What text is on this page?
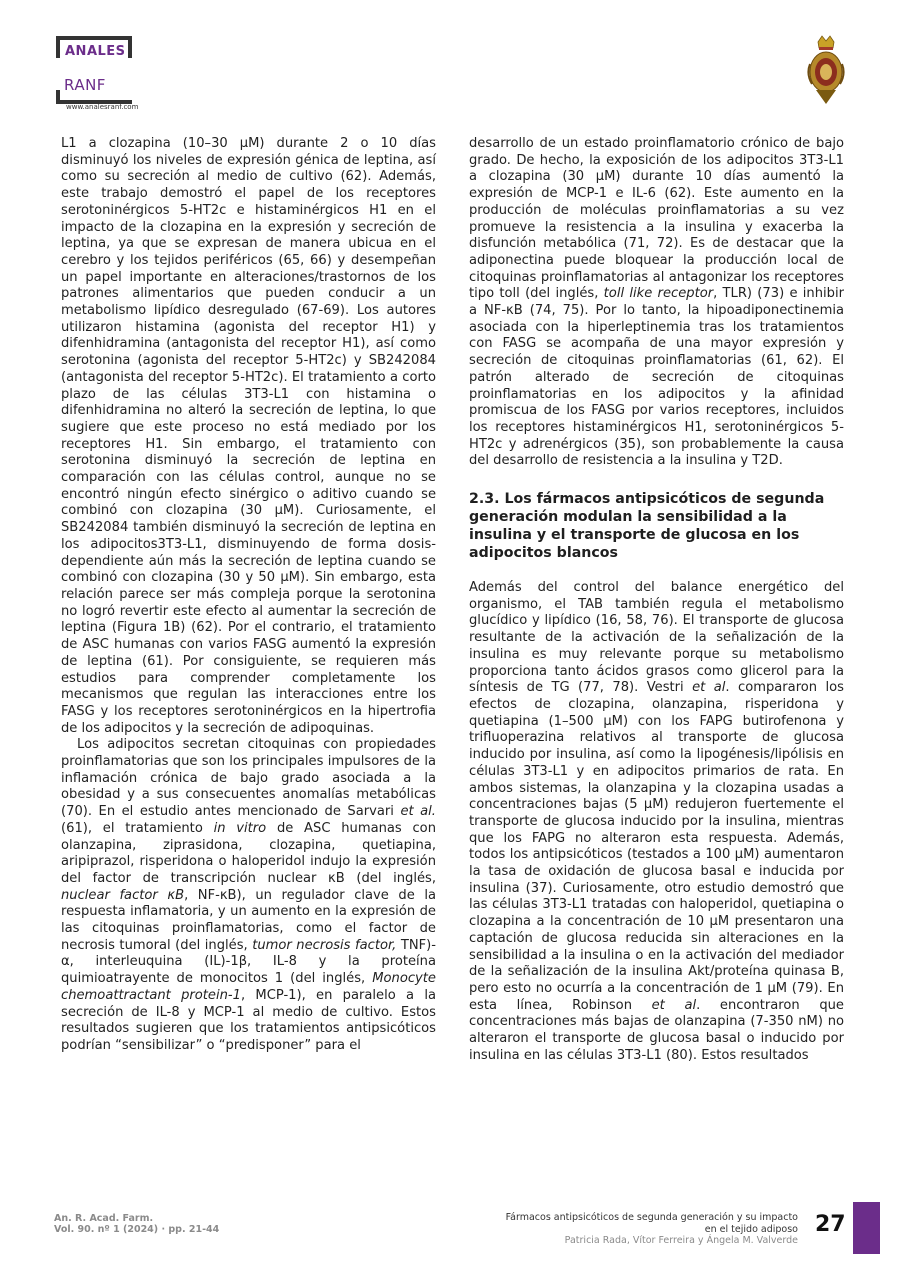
ANALES
RANF
www.analesranf.com

L1 a clozapina (10–30 µM) durante 2 o 10 días disminuyó los niveles de expresión génica de leptina, así como su secreción al medio de cultivo (62). Además, este trabajo demostró el papel de los receptores serotoninérgicos 5-HT2c e histaminérgicos H1 en el impacto de la clozapina en la expresión y secreción de leptina, ya que se expresan de manera ubicua en el cerebro y los tejidos periféricos (65, 66) y desempeñan un papel importante en alteraciones/trastornos de los patrones alimentarios que pueden conducir a un metabolismo lipídico desregulado (67-69). Los autores utilizaron histamina (agonista del receptor H1) y difenhidramina (antagonista del receptor H1), así como serotonina (agonista del receptor 5-HT2c) y SB242084 (antagonista del receptor 5-HT2c). El tratamiento a corto plazo de las células 3T3-L1 con histamina o difenhidramina no alteró la secreción de leptina, lo que sugiere que este proceso no está mediado por los receptores H1. Sin embargo, el tratamiento con serotonina disminuyó la secreción de leptina en comparación con las células control, aunque no se encontró ningún efecto sinérgico o aditivo cuando se combinó con clozapina (30 µM). Curiosamente, el SB242084 también disminuyó la secreción de leptina en los adipocitos3T3-L1, disminuyendo de forma dosis-dependiente aún más la secreción de leptina cuando se combinó con clozapina (30 y 50 µM). Sin embargo, esta relación parece ser más compleja porque la serotonina no logró revertir este efecto al aumentar la secreción de leptina (Figura 1B) (62). Por el contrario, el tratamiento de ASC humanas con varios FASG aumentó la expresión de leptina (61). Por consiguiente, se requieren más estudios para comprender completamente los mecanismos que regulan las interacciones entre los FASG y los receptores serotoninérgicos en la hipertrofia de los adipocitos y la secreción de adipoquinas.

Los adipocitos secretan citoquinas con propiedades proinflamatorias que son los principales impulsores de la inflamación crónica de bajo grado asociada a la obesidad y a sus consecuentes anomalías metabólicas (70). En el estudio antes mencionado de Sarvari et al. (61), el tratamiento in vitro de ASC humanas con olanzapina, ziprasidona, clozapina, quetiapina, aripiprazol, risperidona o haloperidol indujo la expresión del factor de transcripción nuclear κB (del inglés, nuclear factor κB, NF-κB), un regulador clave de la respuesta inflamatoria, y un aumento en la expresión de las citoquinas proinflamatorias, como el factor de necrosis tumoral (del inglés, tumor necrosis factor, TNF)-α, interleuquina (IL)-1β, IL-8 y la proteína quimioatrayente de monocitos 1 (del inglés, Monocyte chemoattractant protein-1, MCP-1), en paralelo a la secreción de IL-8 y MCP-1 al medio de cultivo. Estos resultados sugieren que los tratamientos antipsicóticos podrían “sensibilizar” o “predisponer” para el

desarrollo de un estado proinflamatorio crónico de bajo grado. De hecho, la exposición de los adipocitos 3T3-L1 a clozapina (30 µM) durante 10 días aumentó la expresión de MCP-1 e IL-6 (62). Este aumento en la producción de moléculas proinflamatorias a su vez promueve la resistencia a la insulina y exacerba la disfunción metabólica (71, 72). Es de destacar que la adiponectina puede bloquear la producción local de citoquinas proinflamatorias al antagonizar los receptores tipo toll (del inglés, toll like receptor, TLR) (73) e inhibir a NF-κB (74, 75). Por lo tanto, la hipoadiponectinemia asociada con la hiperleptinemia tras los tratamientos con FASG se acompaña de una mayor expresión y secreción de citoquinas proinflamatorias (61, 62). El patrón alterado de secreción de citoquinas proinflamatorias en los adipocitos y la afinidad promiscua de los FASG por varios receptores, incluidos los receptores histaminérgicos H1, serotoninérgicos 5-HT2c y adrenérgicos (35), son probablemente la causa del desarrollo de resistencia a la insulina y T2D.

2.3. Los fármacos antipsicóticos de segunda generación modulan la sensibilidad a la insulina y el transporte de glucosa en los adipocitos blancos

Además del control del balance energético del organismo, el TAB también regula el metabolismo glucídico y lipídico (16, 58, 76). El transporte de glucosa resultante de la activación de la señalización de la insulina es muy relevante porque su metabolismo proporciona tanto ácidos grasos como glicerol para la síntesis de TG (77, 78). Vestri et al. compararon los efectos de clozapina, olanzapina, risperidona y quetiapina (1–500 µM) con los FAPG butirofenona y trifluoperazina relativos al transporte de glucosa inducido por insulina, así como la lipogénesis/lipólisis en células 3T3-L1 y en adipocitos primarios de rata. En ambos sistemas, la olanzapina y la clozapina usadas a concentraciones bajas (5 µM) redujeron fuertemente el transporte de glucosa inducido por la insulina, mientras que los FAPG no alteraron esta respuesta. Además, todos los antipsicóticos (testados a 100 µM) aumentaron la tasa de oxidación de glucosa basal e inducida por insulina (37). Curiosamente, otro estudio demostró que las células 3T3-L1 tratadas con haloperidol, quetiapina o clozapina a la concentración de 10 µM presentaron una captación de glucosa reducida sin alteraciones en la sensibilidad a la insulina o en la activación del mediador de la señalización de la insulina Akt/proteína quinasa B, pero esto no ocurría a la concentración de 1 µM (79). En esta línea, Robinson et al. encontraron que concentraciones más bajas de olanzapina (7-350 nM) no alteraron el transporte de glucosa basal o inducido por insulina en las células 3T3-L1 (80). Estos resultados

An. R. Acad. Farm.
Vol. 90. nº 1 (2024) · pp. 21-44
Fármacos antipsicóticos de segunda generación y su impacto
en el tejido adiposo
Patricia Rada, Vítor Ferreira y Ángela M. Valverde
27
